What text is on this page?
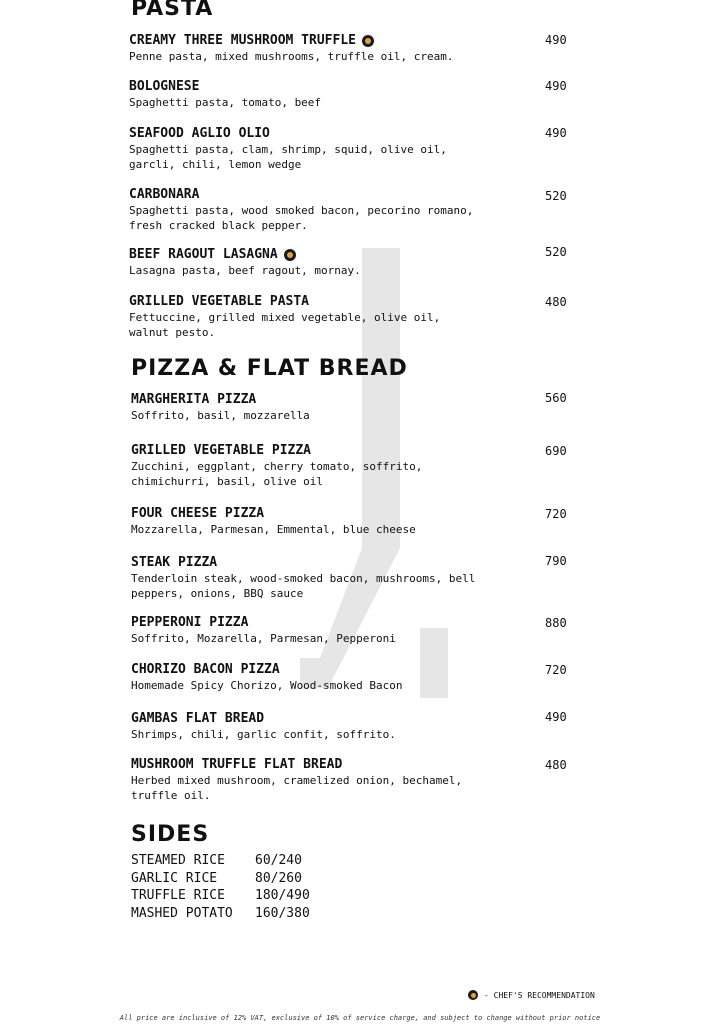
PASTA
CREAMY THREE MUSHROOM TRUFFLE
Penne pasta, mixed mushrooms, truffle oil, cream.
490
BOLOGNESE
Spaghetti pasta, tomato, beef
490
SEAFOOD AGLIO OLIO
Spaghetti pasta, clam, shrimp, squid, olive oil,
garcli, chili, lemon wedge
490
CARBONARA
Spaghetti pasta, wood smoked bacon, pecorino romano,
fresh cracked black pepper.
520
BEEF RAGOUT LASAGNA
Lasagna pasta, beef ragout, mornay.
520
GRILLED VEGETABLE PASTA
Fettuccine, grilled mixed vegetable, olive oil,
walnut pesto.
480
PIZZA & FLAT BREAD
MARGHERITA PIZZA
Soffrito, basil, mozzarella
560
GRILLED VEGETABLE PIZZA
Zucchini, eggplant, cherry tomato, soffrito,
chimichurri, basil, olive oil
690
FOUR CHEESE PIZZA
Mozzarella, Parmesan, Emmental, blue cheese
720
STEAK PIZZA
Tenderloin steak, wood-smoked bacon, mushrooms, bell
peppers, onions, BBQ sauce
790
PEPPERONI PIZZA
Soffrito, Mozarella, Parmesan, Pepperoni
880
CHORIZO BACON PIZZA
Homemade Spicy Chorizo, Wood-smoked Bacon
720
GAMBAS FLAT BREAD
Shrimps, chili, garlic confit, soffrito.
490
MUSHROOM TRUFFLE FLAT BREAD
Herbed mixed mushroom, cramelized onion, bechamel,
truffle oil.
480
SIDES
STEAMED RICE	60/240
GARLIC RICE	80/260
TRUFFLE RICE	180/490
MASHED POTATO	160/380
- CHEF'S RECOMMENDATION
All price are inclusive of 12% VAT, exclusive of 10% of service charge, and subject to change without prior notice
